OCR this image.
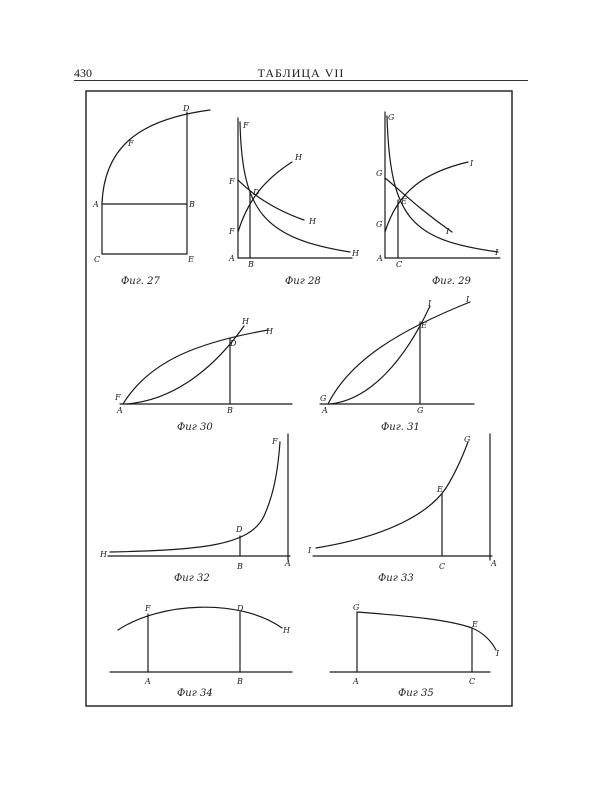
430	ТАБЛИЦА VII
D
F
A	B
C	E
F
H
F
D
H
F
H
A
B
G
I
G
E
G
I
I
A
C
H
H
D
F
A	B
I	I
E
G
A	G
F
D
H
B	A
G
E
I
C	A
F	D
H
A	B
G
E
I
A	C
Фиг. 27	Фиг 28	Фиг. 29
Фиг 30	Фиг. 31
Фиг 32	Фиг 33
Фиг 34	Фиг 35
